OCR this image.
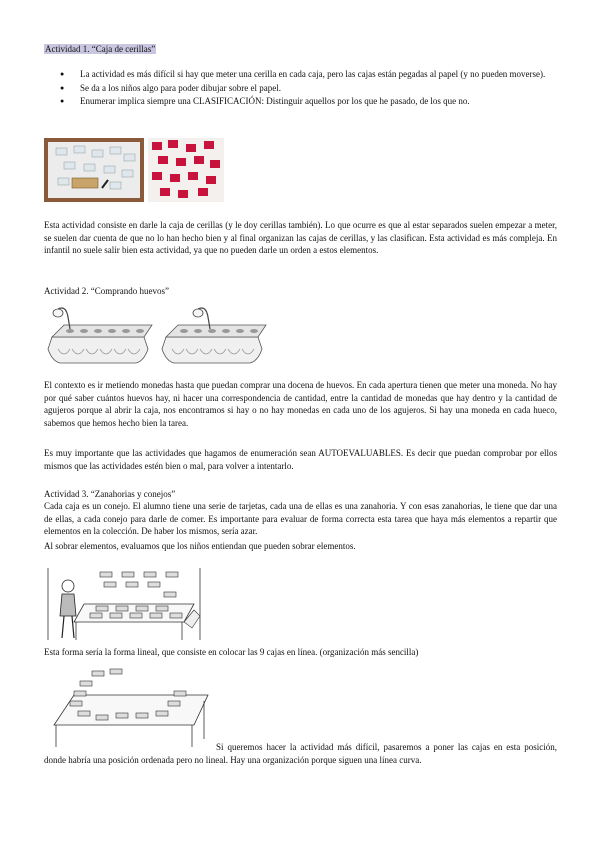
Actividad 1. “Caja de cerillas”
● La actividad es más difícil si hay que meter una cerilla en cada caja, pero las cajas están pegadas al papel (y no pueden moverse).
● Se da a los niños algo para poder dibujar sobre el papel.
● Enumerar implica siempre una CLASIFICACIÓN: Distinguir aquellos por los que he pasado, de los que no.
Esta actividad consiste en darle la caja de cerillas (y le doy cerillas también). Lo que ocurre es que al estar separados suelen empezar a meter, se suelen dar cuenta de que no lo han hecho bien y al final organizan las cajas de cerillas, y las clasifican. Esta actividad es más compleja. En infantil no suele salir bien esta actividad, ya que no pueden darle un orden a estos elementos.
Actividad 2. “Comprando huevos”
El contexto es ir metiendo monedas hasta que puedan comprar una docena de huevos. En cada apertura tienen que meter una moneda. No hay por qué saber cuántos huevos hay, ni hacer una correspondencia de cantidad, entre la cantidad de monedas que hay dentro y la cantidad de agujeros porque al abrir la caja, nos encontramos si hay o no hay monedas en cada uno de los agujeros. Si hay una moneda en cada hueco, sabemos que hemos hecho bien la tarea.
Es muy importante que las actividades que hagamos de enumeración sean AUTOEVALUABLES. Es decir que puedan comprobar por ellos mismos que las actividades estén bien o mal, para volver a intentarlo.
Actividad 3. “Zanahorias y conejos”
Cada caja es un conejo. El alumno tiene una serie de tarjetas, cada una de ellas es una zanahoria. Y con esas zanahorias, le tiene que dar una de ellas, a cada conejo para darle de comer. Es importante para evaluar de forma correcta esta tarea que haya más elementos a repartir que elementos en la colección. De haber los mismos, sería azar.
Al sobrar elementos, evaluamos que los niños entiendan que pueden sobrar elementos.
Esta forma sería la forma lineal, que consiste en colocar las 9 cajas en línea. (organización más sencilla)
Si queremos hacer la actividad más difícil, pasaremos a poner las cajas en esta posición, donde habría una posición ordenada pero no lineal. Hay una organización porque siguen una línea curva.
